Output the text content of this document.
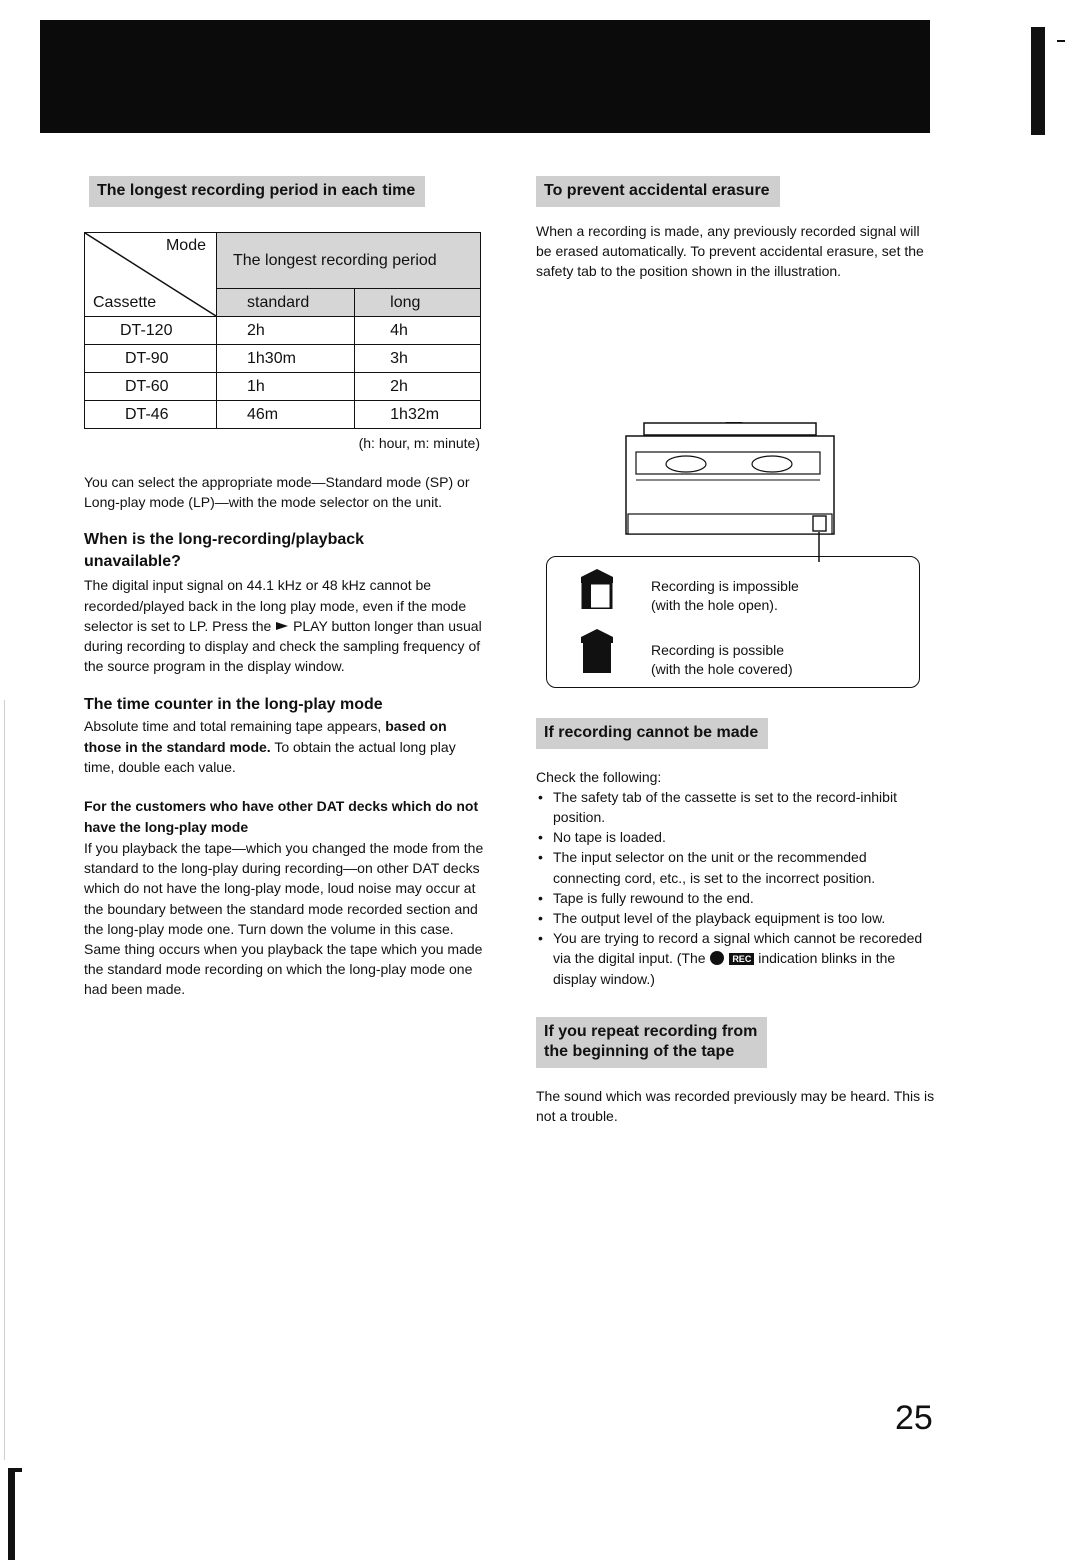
The longest recording period in each time
Mode
Cassette	The longest recording period	
	standard	long
DT-120	2h	4h
DT-90	1h30m	3h
DT-60	1h	2h
DT-46	46m	1h32m
(h: hour, m: minute)

You can select the appropriate mode—Standard mode (SP) or Long-play mode (LP)—with the mode selector on the unit.

When is the long-recording/playback unavailable?

The digital input signal on 44.1 kHz or 48 kHz cannot be recorded/played back in the long play mode, even if the mode selector is set to LP. Press the PLAY button longer than usual during recording to display and check the sampling frequency of the source program in the display window.

The time counter in the long-play mode

Absolute time and total remaining tape appears, based on those in the standard mode. To obtain the actual long play time, double each value.

For the customers who have other DAT decks which do not have the long-play mode

If you playback the tape—which you changed the mode from the standard to the long-play during recording—on other DAT decks which do not have the long-play mode, loud noise may occur at the boundary between the standard mode recorded section and the long-play mode one. Turn down the volume in this case. Same thing occurs when you playback the tape which you made the standard mode recording on which the long-play mode one had been made.

To prevent accidental erasure

When a recording is made, any previously recorded signal will be erased automatically. To prevent accidental erasure, set the safety tab to the position shown in the illustration.

Recording is impossible
(with the hole open).
Recording is possible
(with the hole covered)
If recording cannot be made

Check the following:

• The safety tab of the cassette is set to the record-inhibit position.
• No tape is loaded.
• The input selector on the unit or the recommended connecting cord, etc., is set to the incorrect position.
• Tape is fully rewound to the end.
• The output level of the playback equipment is too low.
• You are trying to record a signal which cannot be recoreded via the digital input. (The	REC indication blinks in the display window.)
If you repeat recording from
the beginning of the tape

The sound which was recorded previously may be heard. This is not a trouble.

25
